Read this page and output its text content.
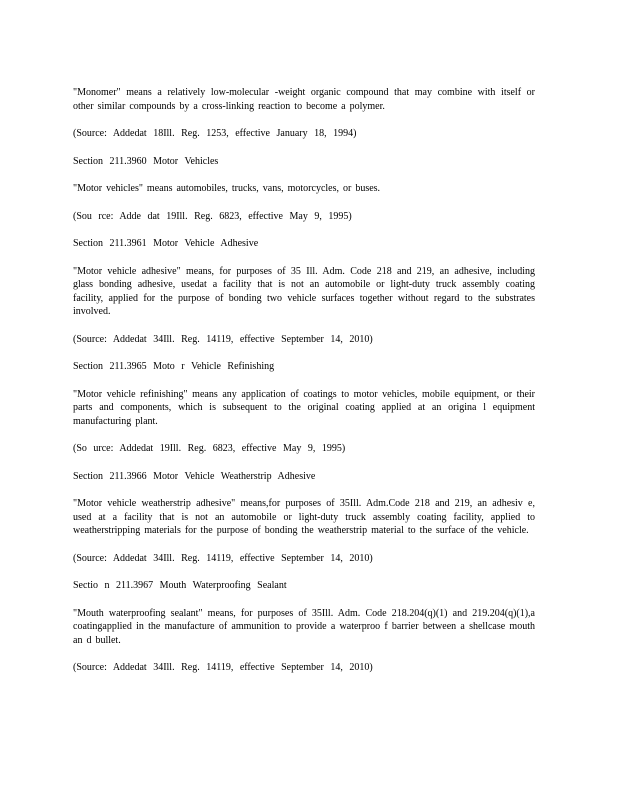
"Monomer" means a relatively low-molecular -weight organic compound that may combine with itself or other similar compounds by a cross-linking reaction to become a polymer.

(Source: Addedat 18Ill. Reg. 1253, effective January 18, 1994)

Section 211.3960 Motor Vehicles

"Motor vehicles" means automobiles, trucks, vans, motorcycles, or buses.

(Sou rce: Adde dat 19Ill. Reg. 6823, effective May 9, 1995)

Section 211.3961 Motor Vehicle Adhesive

"Motor vehicle adhesive" means, for purposes of 35 Ill. Adm. Code 218 and 219, an adhesive, including glass bonding adhesive, usedat a facility that is not an automobile or light-duty truck assembly coating facility, applied for the purpose of bonding two vehicle surfaces together without regard to the substrates involved.

(Source: Addedat 34Ill. Reg. 14119, effective September 14, 2010)

Section 211.3965 Moto r Vehicle Refinishing

"Motor vehicle refinishing" means any application of coatings to motor vehicles, mobile equipment, or their parts and components, which is subsequent to the original coating applied at an origina l equipment manufacturing plant.

(So urce: Addedat 19Ill. Reg. 6823, effective May 9, 1995)

Section 211.3966 Motor Vehicle Weatherstrip Adhesive

"Motor vehicle weatherstrip adhesive" means,for purposes of 35Ill. Adm.Code 218 and 219, an adhesiv e, used at a facility that is not an automobile or light-duty truck assembly coating facility, applied to weatherstripping materials for the purpose of bonding the weatherstrip material to the surface of the vehicle.

(Source: Addedat 34Ill. Reg. 14119, effective September 14, 2010)

Sectio n 211.3967 Mouth Waterproofing Sealant

"Mouth waterproofing sealant" means, for purposes of 35Ill. Adm. Code 218.204(q)(1) and 219.204(q)(1),a coatingapplied in the manufacture of ammunition to provide a waterproo f barrier between a shellcase mouth an d bullet.

(Source: Addedat 34Ill. Reg. 14119, effective September 14, 2010)
